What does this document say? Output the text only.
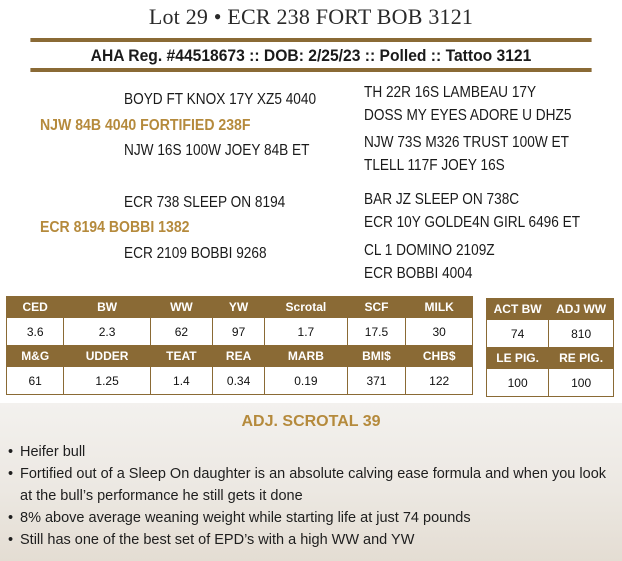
Lot 29 • ECR 238 FORT BOB 3121
AHA Reg. #44518673 :: DOB: 2/25/23 :: Polled :: Tattoo 3121
BOYD FT KNOX 17Y XZ5 4040
NJW 84B 4040 FORTIFIED 238F
NJW 16S 100W JOEY 84B ET
TH 22R 16S LAMBEAU 17Y
DOSS MY EYES ADORE U DHZ5
NJW 73S M326 TRUST 100W ET
TLELL 117F JOEY 16S
ECR 738 SLEEP ON 8194
ECR 8194 BOBBI 1382
ECR 2109 BOBBI 9268
BAR JZ SLEEP ON 738C
ECR 10Y GOLDE4N GIRL 6496 ET
CL 1 DOMINO 2109Z
ECR BOBBI 4004
CED	BW	WW	YW	Scrotal	SCF	MILK
3.6	2.3	62	97	1.7	17.5	30
M&G	UDDER	TEAT	REA	MARB	BMI$	CHB$
61	1.25	1.4	0.34	0.19	371	122
ACT BW	ADJ WW
74	810
LE PIG.	RE PIG.
100	100
ADJ. SCROTAL 39
• Heifer bull
• Fortified out of a Sleep On daughter is an absolute calving ease formula and when you look at the bull’s performance he still gets it done
• 8% above average weaning weight while starting life at just 74 pounds
• Still has one of the best set of EPD’s with a high WW and YW
